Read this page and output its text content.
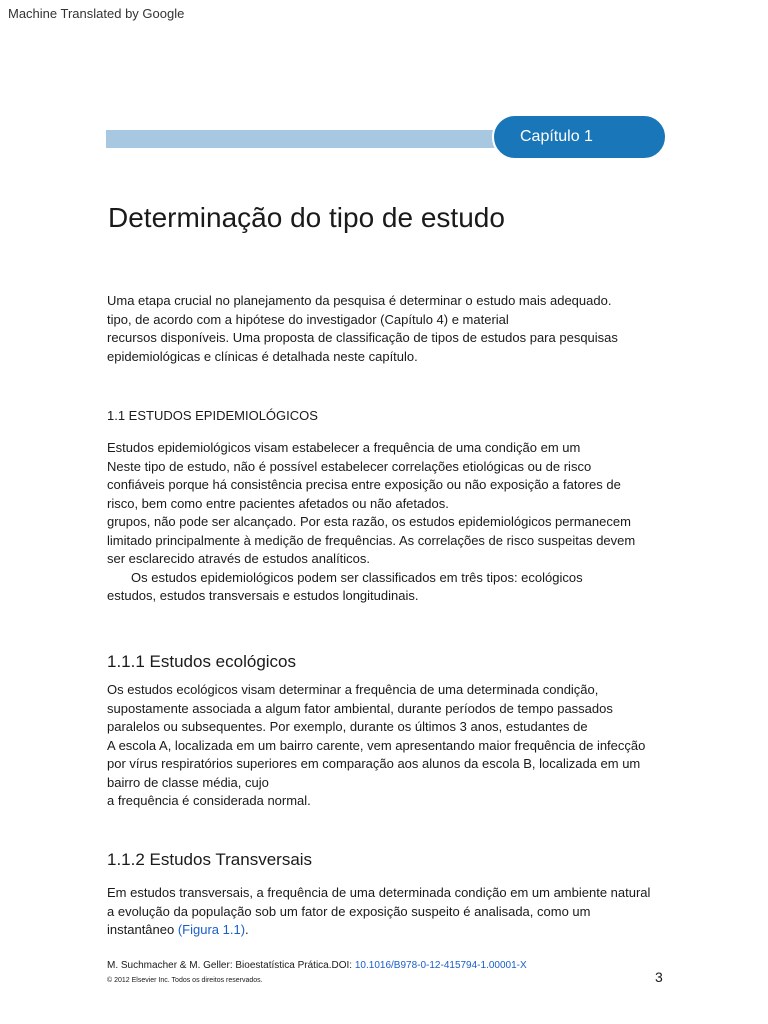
Machine Translated by Google
Capítulo 1
Determinação do tipo de estudo
Uma etapa crucial no planejamento da pesquisa é determinar o estudo mais adequado.
tipo, de acordo com a hipótese do investigador (Capítulo 4) e material
recursos disponíveis. Uma proposta de classificação de tipos de estudos para pesquisas
epidemiológicas e clínicas é detalhada neste capítulo.
1.1 ESTUDOS EPIDEMIOLÓGICOS
Estudos epidemiológicos visam estabelecer a frequência de uma condição em um
Neste tipo de estudo, não é possível estabelecer correlações etiológicas ou de risco
confiáveis porque há consistência precisa entre exposição ou não exposição a fatores de
risco, bem como entre pacientes afetados ou não afetados.
grupos, não pode ser alcançado. Por esta razão, os estudos epidemiológicos permanecem
limitado principalmente à medição de frequências. As correlações de risco suspeitas devem
ser esclarecido através de estudos analíticos.
Os estudos epidemiológicos podem ser classificados em três tipos: ecológicos
estudos, estudos transversais e estudos longitudinais.
1.1.1 Estudos ecológicos
Os estudos ecológicos visam determinar a frequência de uma determinada condição,
supostamente associada a algum fator ambiental, durante períodos de tempo passados
paralelos ou subsequentes. Por exemplo, durante os últimos 3 anos, estudantes de
A escola A, localizada em um bairro carente, vem apresentando maior frequência de infecção
por vírus respiratórios superiores em comparação aos alunos da escola B, localizada em um
bairro de classe média, cujo
a frequência é considerada normal.
1.1.2 Estudos Transversais
Em estudos transversais, a frequência de uma determinada condição em um ambiente natural
a evolução da população sob um fator de exposição suspeito é analisada, como um
instantâneo (Figura 1.1).
M. Suchmacher & M. Geller: Bioestatística Prática.DOI: 10.1016/B978-0-12-415794-1.00001-X
© 2012 Elsevier Inc. Todos os direitos reservados.	3
